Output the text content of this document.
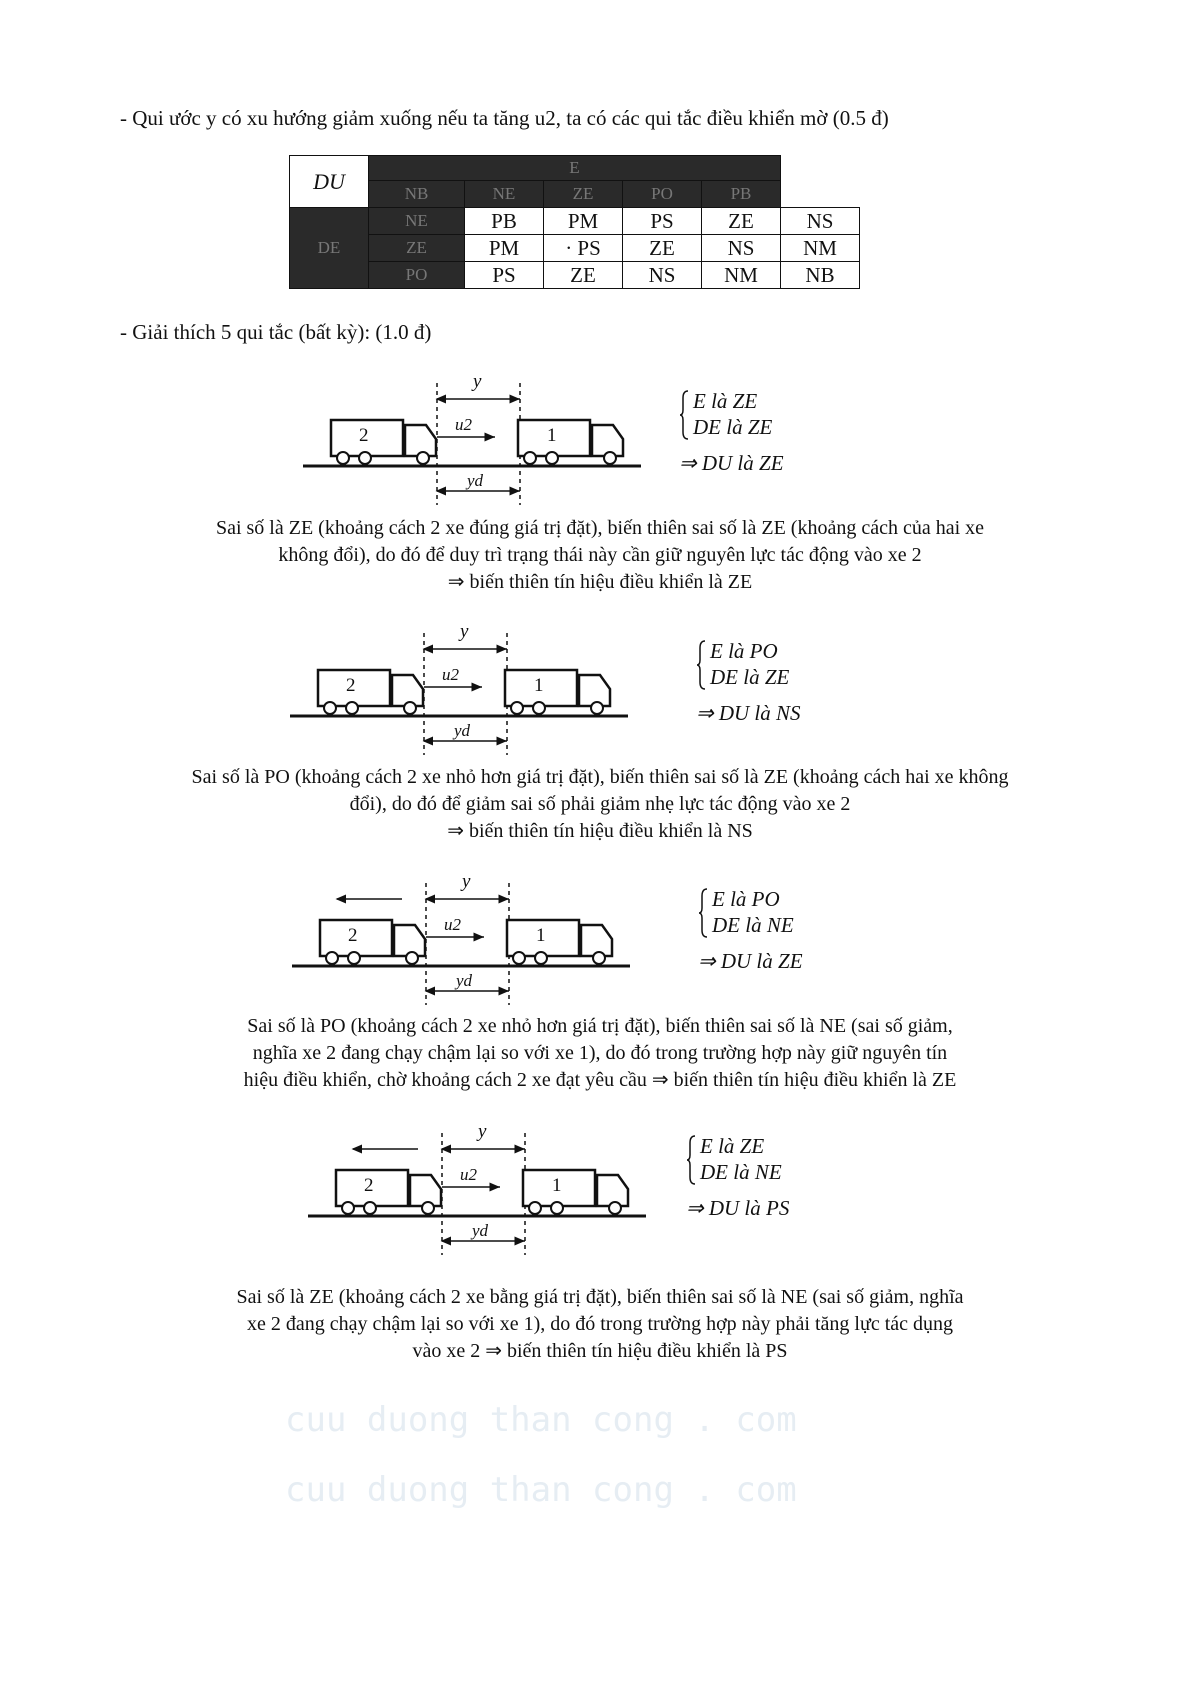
- Qui ước y có xu hướng giảm xuống nếu ta tăng u2, ta có các qui tắc điều khiển mờ (0.5 đ)
DU	E					
	NB	NE	ZE	PO	PB	
DE	NE	PB	PM	PS	ZE	NS
	ZE	PM	· PS	ZE	NS	NM
	PO	PS	ZE	NS	NM	NB
- Giải thích 5 qui tắc (bất kỳ): (1.0 đ)
cuu duong than cong . com
cuu duong than cong . com
y
u2
yd
2	1
E là ZE
DE là ZE
⇒ DU là ZE
Sai số là ZE (khoảng cách 2 xe đúng giá trị đặt), biến thiên sai số là ZE (khoảng cách của hai xe
không đổi), do đó để duy trì trạng thái này cần giữ nguyên lực tác động vào xe 2
⇒ biến thiên tín hiệu điều khiển là ZE
y
u2
yd
2	1
E là PO
DE là ZE
⇒ DU là NS
Sai số là PO (khoảng cách 2 xe nhỏ hơn giá trị đặt), biến thiên sai số là ZE (khoảng cách hai xe không
đổi), do đó để giảm sai số phải giảm nhẹ lực tác động vào xe 2
⇒ biến thiên tín hiệu điều khiển là NS
y
u2
yd
2	1
E là PO
DE là NE
⇒ DU là ZE
Sai số là PO (khoảng cách 2 xe nhỏ hơn giá trị đặt), biến thiên sai số là NE (sai số giảm,
nghĩa xe 2 đang chạy chậm lại so với xe 1), do đó trong trường hợp này giữ nguyên tín
hiệu điều khiển, chờ khoảng cách 2 xe đạt yêu cầu ⇒ biến thiên tín hiệu điều khiển là ZE
y
u2
yd
2	1
E là ZE
DE là NE
⇒ DU là PS
Sai số là ZE (khoảng cách 2 xe bằng giá trị đặt), biến thiên sai số là NE (sai số giảm, nghĩa
xe 2 đang chạy chậm lại so với xe 1), do đó trong trường hợp này phải tăng lực tác dụng
vào xe 2 ⇒ biến thiên tín hiệu điều khiển là PS
